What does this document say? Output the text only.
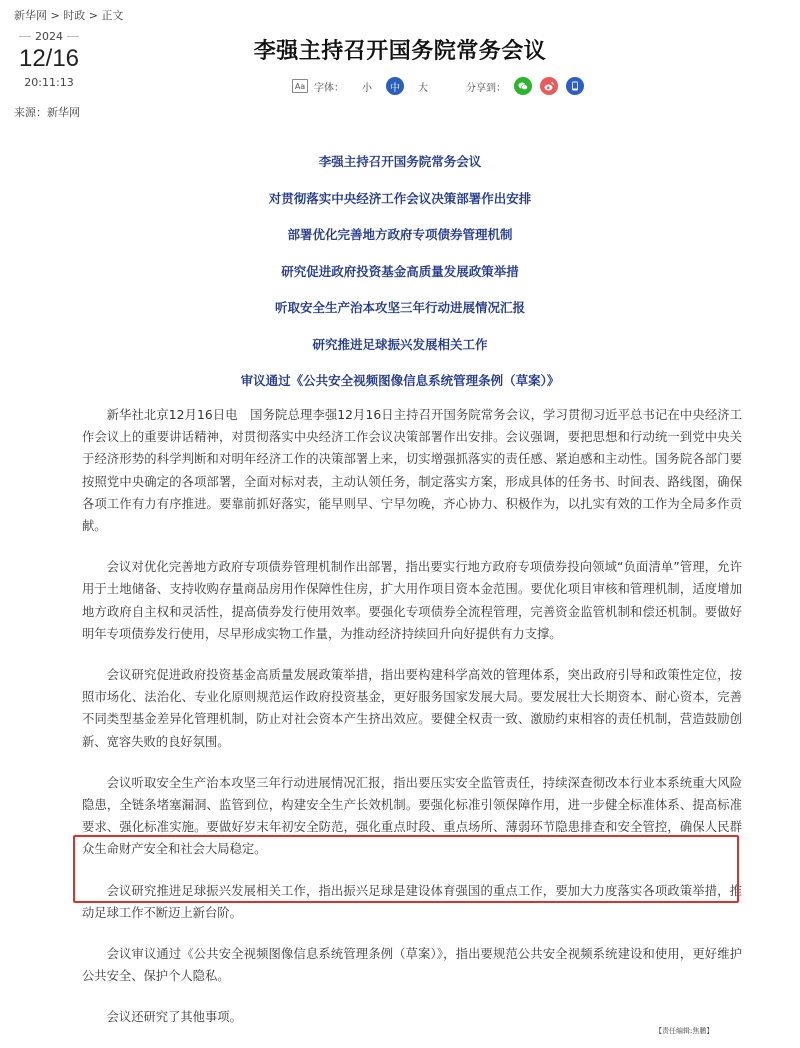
新华网 > 时政 > 正文
2024
12/16
20:11:13
来源：新华网
李强主持召开国务院常务会议
Aa 字体： 小	中	大	分享到：
李强主持召开国务院常务会议
对贯彻落实中央经济工作会议决策部署作出安排
部署优化完善地方政府专项债券管理机制
研究促进政府投资基金高质量发展政策举措
听取安全生产治本攻坚三年行动进展情况汇报
研究推进足球振兴发展相关工作
审议通过《公共安全视频图像信息系统管理条例（草案）》

新华社北京12月16日电　国务院总理李强12月16日主持召开国务院常务会议，学习贯彻习近平总书记在中央经济工作会议上的重要讲话精神，对贯彻落实中央经济工作会议决策部署作出安排。会议强调，要把思想和行动统一到党中央关于经济形势的科学判断和对明年经济工作的决策部署上来，切实增强抓落实的责任感、紧迫感和主动性。国务院各部门要按照党中央确定的各项部署，全面对标对表，主动认领任务，制定落实方案，形成具体的任务书、时间表、路线图，确保各项工作有力有序推进。要靠前抓好落实，能早则早、宁早勿晚，齐心协力、积极作为，以扎实有效的工作为全局多作贡献。

会议对优化完善地方政府专项债券管理机制作出部署，指出要实行地方政府专项债券投向领域“负面清单”管理，允许用于土地储备、支持收购存量商品房用作保障性住房，扩大用作项目资本金范围。要优化项目审核和管理机制，适度增加地方政府自主权和灵活性，提高债券发行使用效率。要强化专项债券全流程管理，完善资金监管机制和偿还机制。要做好明年专项债券发行使用，尽早形成实物工作量，为推动经济持续回升向好提供有力支撑。

会议研究促进政府投资基金高质量发展政策举措，指出要构建科学高效的管理体系，突出政府引导和政策性定位，按照市场化、法治化、专业化原则规范运作政府投资基金，更好服务国家发展大局。要发展壮大长期资本、耐心资本，完善不同类型基金差异化管理机制，防止对社会资本产生挤出效应。要健全权责一致、激励约束相容的责任机制，营造鼓励创新、宽容失败的良好氛围。

会议听取安全生产治本攻坚三年行动进展情况汇报，指出要压实安全监管责任，持续深查彻改本行业本系统重大风险隐患，全链条堵塞漏洞、监管到位，构建安全生产长效机制。要强化标准引领保障作用，进一步健全标准体系、提高标准要求、强化标准实施。要做好岁末年初安全防范，强化重点时段、重点场所、薄弱环节隐患排查和安全管控，确保人民群众生命财产安全和社会大局稳定。

会议研究推进足球振兴发展相关工作，指出振兴足球是建设体育强国的重点工作，要加大力度落实各项政策举措，推动足球工作不断迈上新台阶。

会议审议通过《公共安全视频图像信息系统管理条例（草案）》，指出要规范公共安全视频系统建设和使用，更好维护公共安全、保护个人隐私。

会议还研究了其他事项。

【责任编辑:焦鹏】
